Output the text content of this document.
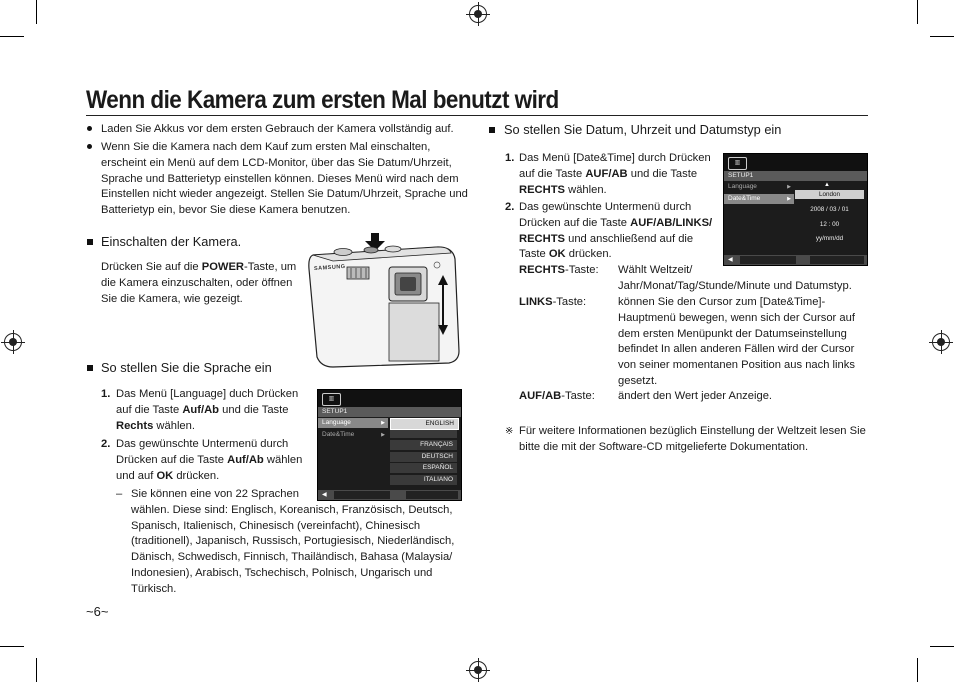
Wenn die Kamera zum ersten Mal benutzt wird
Laden Sie Akkus vor dem ersten Gebrauch der Kamera vollständig auf.
Wenn Sie die Kamera nach dem Kauf zum ersten Mal einschalten,
erscheint ein Menü auf dem LCD-Monitor, über das Sie Datum/Uhrzeit,
Sprache und Batterietyp einstellen können. Dieses Menü wird nach dem
Einstellen nicht wieder angezeigt. Stellen Sie Datum/Uhrzeit, Sprache und
Batterietyp ein, bevor Sie diese Kamera benutzen.
Einschalten der Kamera.
Drücken Sie auf die POWER-Taste, um
die Kamera einzuschalten, oder öffnen
Sie die Kamera, wie gezeigt.
SAMSUNG
So stellen Sie die Sprache ein
1. Das Menü [Language] duch Drücken
auf die Taste Auf/Ab und die Taste
Rechts wählen.
2. Das gewünschte Untermenü durch
Drücken auf die Taste Auf/Ab wählen
und auf OK drücken.
– Sie können eine von 22 Sprachen
wählen. Diese sind: Englisch, Koreanisch, Französisch, Deutsch,
Spanisch, Italienisch, Chinesisch (vereinfacht), Chinesisch
(traditionell), Japanisch, Russisch, Portugiesisch, Niederländisch,
Dänisch, Schwedisch, Finnisch, Thailändisch, Bahasa (Malaysia/
Indonesien), Arabisch, Tschechisch, Polnisch, Ungarisch und
Türkisch.
~6~
▥
SETUP1
Language	▶
Date&Time	▶
ENGLISH
FRANÇAIS
DEUTSCH
ESPAÑOL
ITALIANO
◀
So stellen Sie Datum, Uhrzeit und Datumstyp ein
1. Das Menü [Date&Time] durch Drücken
auf die Taste AUF/AB und die Taste
RECHTS wählen.
2. Das gewünschte Untermenü durch
Drücken auf die Taste AUF/AB/LINKS/
RECHTS und anschließend auf die
Taste OK drücken.
RECHTS-Taste: Wählt Weltzeit/
Jahr/Monat/Tag/Stunde/Minute und Datumstyp.
LINKS-Taste:	können Sie den Cursor zum [Date&Time]-
Hauptmenü bewegen, wenn sich der Cursor auf
dem ersten Menüpunkt der Datumseinstellung
befindet In allen anderen Fällen wird der Cursor
von seiner momentanen Position aus nach links
gesetzt.
AUF/AB-Taste: ändert den Wert jeder Anzeige.
※ Für weitere Informationen bezüglich Einstellung der Weltzeit lesen Sie
bitte die mit der Software-CD mitgelieferte Dokumentation.
▥
SETUP1
Language	▶
Date&Time	▶
▲
London
2008 / 03 / 01
12 : 00
yy/mm/dd
◀
